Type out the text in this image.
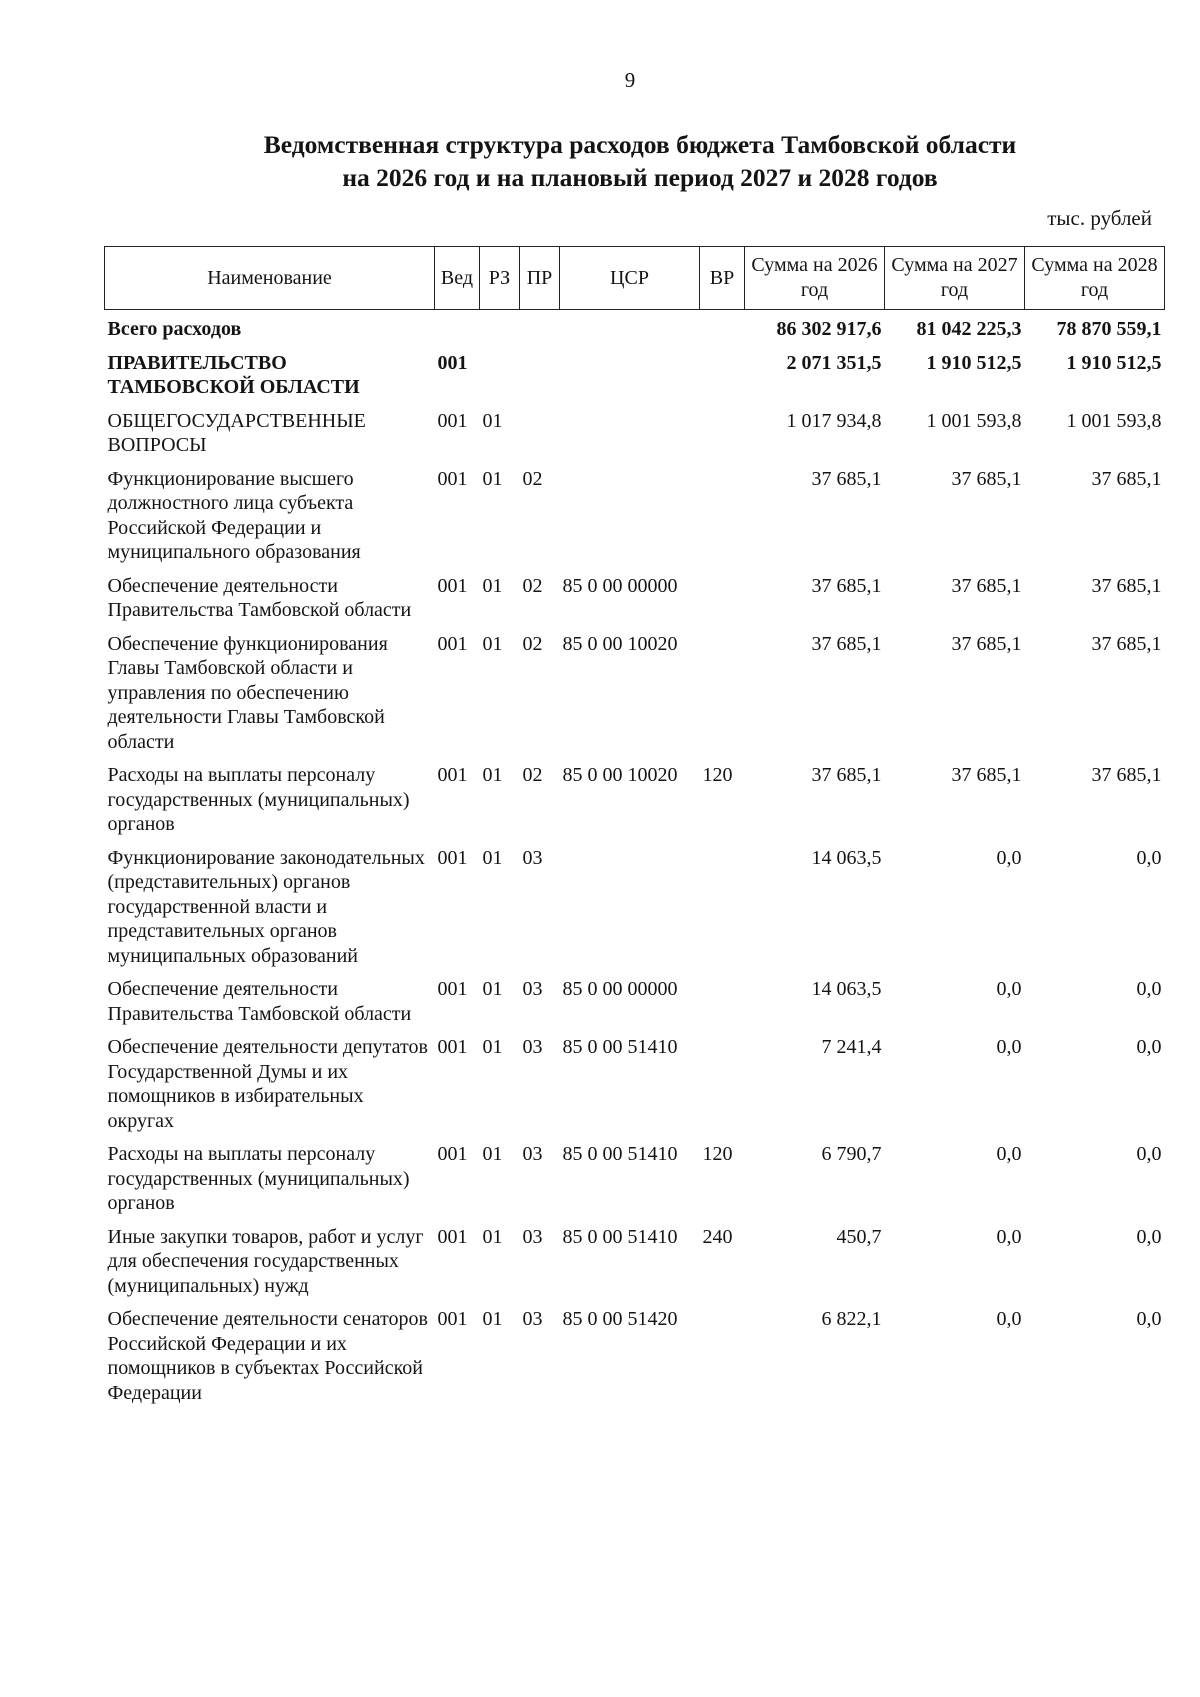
9
Ведомственная структура расходов бюджета Тамбовской области
на 2026 год и на плановый период 2027 и 2028 годов
тыс. рублей
Наименование	Вед	РЗ	ПР	ЦСР	ВР	Сумма на 2026 год	Сумма на 2027 год	Сумма на 2028 год
Всего расходов						86 302 917,6	81 042 225,3	78 870 559,1
ПРАВИТЕЛЬСТВО ТАМБОВСКОЙ ОБЛАСТИ	001					2 071 351,5	1 910 512,5	1 910 512,5
ОБЩЕГОСУДАРСТВЕННЫЕ ВОПРОСЫ	001	01				1 017 934,8	1 001 593,8	1 001 593,8
Функционирование высшего должностного лица субъекта Российской Федерации и муниципального образования	001	01	02			37 685,1	37 685,1	37 685,1
Обеспечение деятельности Правительства Тамбовской области	001	01	02	85 0 00 00000		37 685,1	37 685,1	37 685,1
Обеспечение функционирования Главы Тамбовской области и управления по обеспечению деятельности Главы Тамбовской области	001	01	02	85 0 00 10020		37 685,1	37 685,1	37 685,1
Расходы на выплаты персоналу государственных (муниципальных) органов	001	01	02	85 0 00 10020	120	37 685,1	37 685,1	37 685,1
Функционирование законодательных (представительных) органов государственной власти и представительных органов муниципальных образований	001	01	03			14 063,5	0,0	0,0
Обеспечение деятельности Правительства Тамбовской области	001	01	03	85 0 00 00000		14 063,5	0,0	0,0
Обеспечение деятельности депутатов Государственной Думы и их помощников в избирательных округах	001	01	03	85 0 00 51410		7 241,4	0,0	0,0
Расходы на выплаты персоналу государственных (муниципальных) органов	001	01	03	85 0 00 51410	120	6 790,7	0,0	0,0
Иные закупки товаров, работ и услуг для обеспечения государственных (муниципальных) нужд	001	01	03	85 0 00 51410	240	450,7	0,0	0,0
Обеспечение деятельности сенаторов Российской Федерации и их помощников в субъектах Российской Федерации	001	01	03	85 0 00 51420		6 822,1	0,0	0,0
